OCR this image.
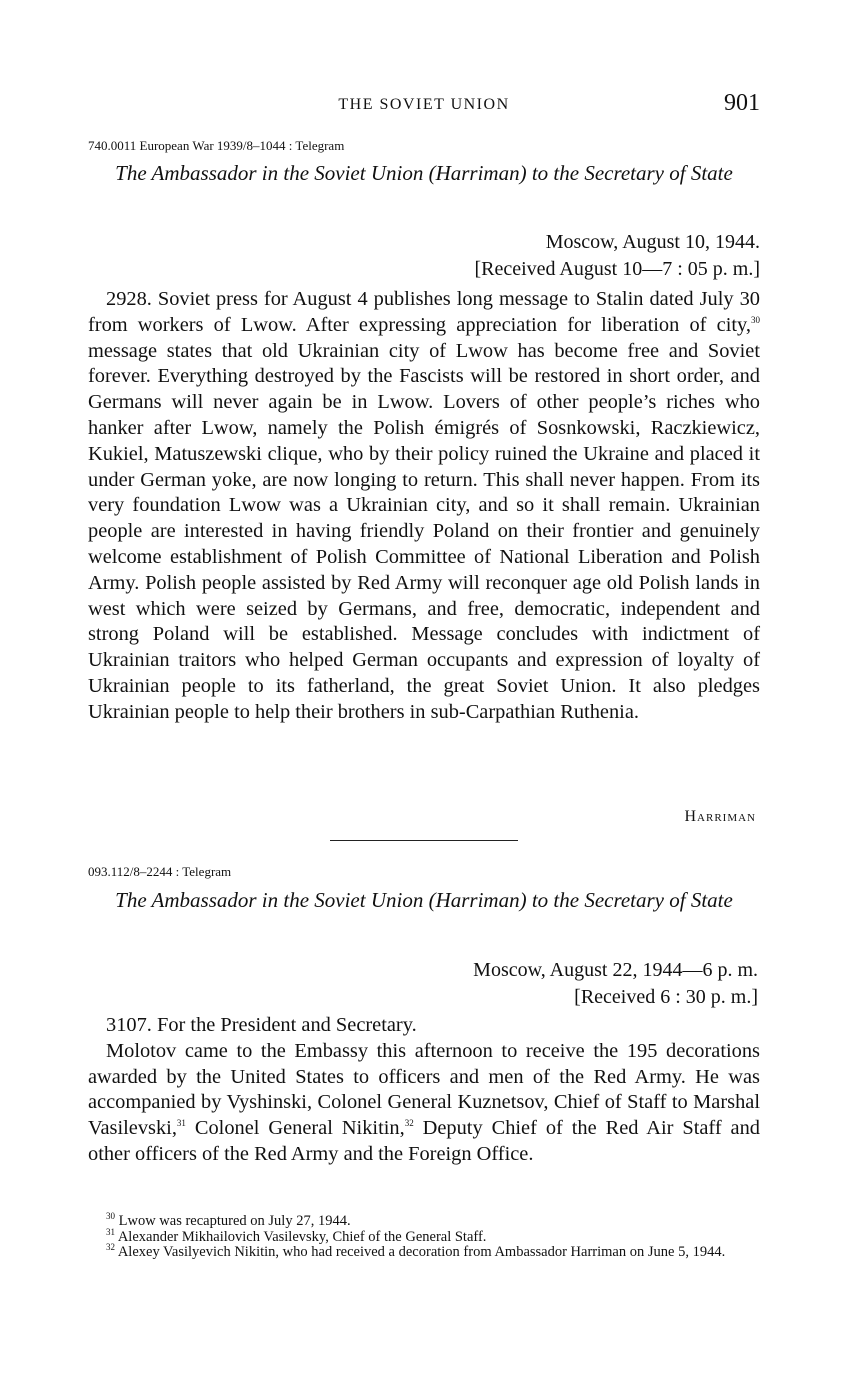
THE SOVIET UNION	901
740.0011 European War 1939/8–1044 : Telegram
The Ambassador in the Soviet Union (Harriman) to the Secretary of State
Moscow, August 10, 1944.
[Received August 10—7 : 05 p. m.]

2928. Soviet press for August 4 publishes long message to Stalin dated July 30 from workers of Lwow. After expressing appreciation for liberation of city,$^{30}$ message states that old Ukrainian city of Lwow has become free and Soviet forever. Everything destroyed by the Fascists will be restored in short order, and Germans will never again be in Lwow. Lovers of other people’s riches who hanker after Lwow, namely the Polish émigrés of Sosnkowski, Raczkiewicz, Kukiel, Matuszewski clique, who by their policy ruined the Ukraine and placed it under German yoke, are now longing to return. This shall never happen. From its very foundation Lwow was a Ukrainian city, and so it shall remain. Ukrainian people are interested in having friendly Poland on their frontier and genuinely welcome establishment of Polish Committee of National Liberation and Polish Army. Polish people assisted by Red Army will reconquer age old Polish lands in west which were seized by Germans, and free, democratic, independent and strong Poland will be established. Message concludes with indictment of Ukrainian traitors who helped German occupants and expression of loyalty of Ukrainian people to its fatherland, the great Soviet Union. It also pledges Ukrainian people to help their brothers in sub-Carpathian Ruthenia.

Harriman
093.112/8–2244 : Telegram
The Ambassador in the Soviet Union (Harriman) to the Secretary of State
Moscow, August 22, 1944—6 p. m.
[Received 6 : 30 p. m.]

3107. For the President and Secretary.

Molotov came to the Embassy this afternoon to receive the 195 decorations awarded by the United States to officers and men of the Red Army. He was accompanied by Vyshinski, Colonel General Kuznetsov, Chief of Staff to Marshal Vasilevski,$^{31}$ Colonel General Nikitin,$^{32}$ Deputy Chief of the Red Air Staff and other officers of the Red Army and the Foreign Office.

$^{30}$ Lwow was recaptured on July 27, 1944.
$^{31}$ Alexander Mikhailovich Vasilevsky, Chief of the General Staff.
$^{32}$ Alexey Vasilyevich Nikitin, who had received a decoration from Ambassador Harriman on June 5, 1944.
